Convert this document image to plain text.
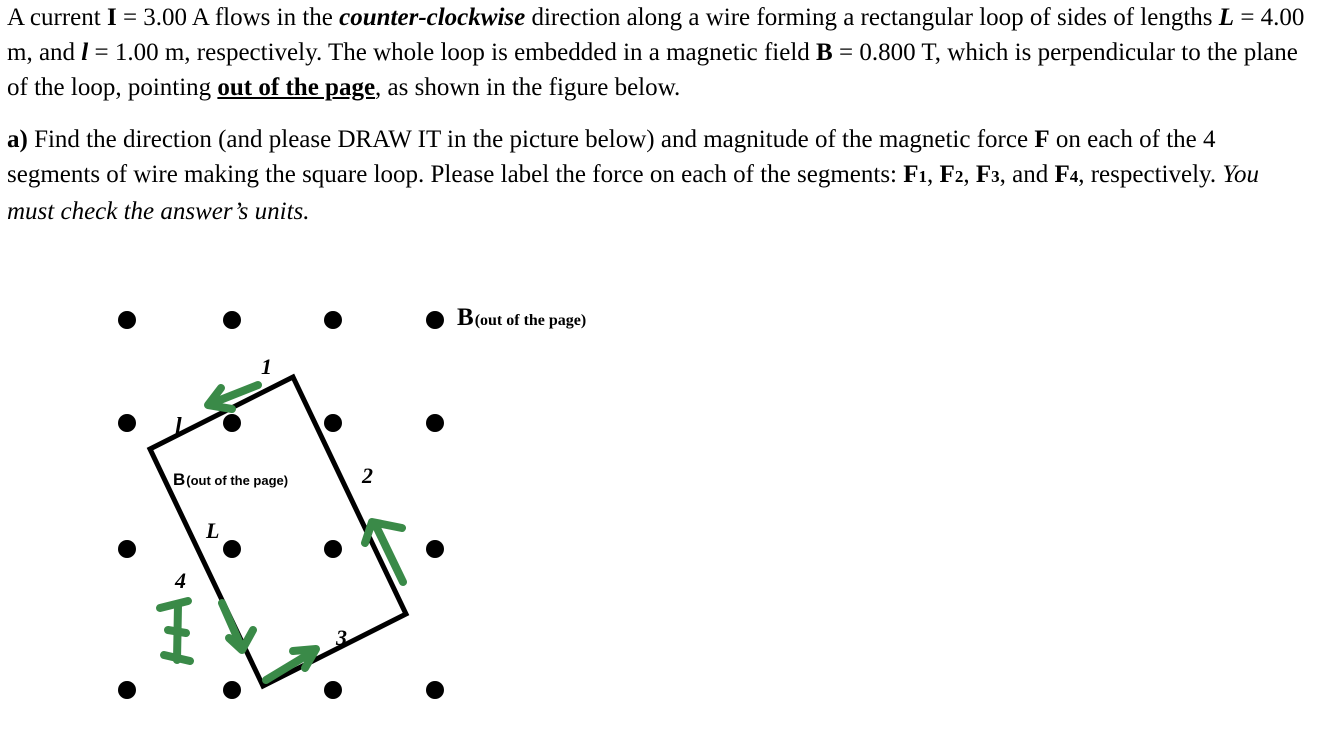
A current I = 3.00 A flows in the counter-clockwise direction along a wire forming a rectangular loop of sides of lengths L = 4.00 m, and l = 1.00 m, respectively. The whole loop is embedded in a magnetic field B = 0.800 T, which is perpendicular to the plane of the loop, pointing out of the page, as shown in the figure below.
a) Find the direction (and please DRAW IT in the picture below) and magnitude of the magnetic force F on each of the 4 segments of wire making the square loop. Please label the force on each of the segments: F1, F2, F3, and F4, respectively. You must check the answer’s units.
B(out of the page)
B(out of the page)
1
2
3
4
l
L
I
